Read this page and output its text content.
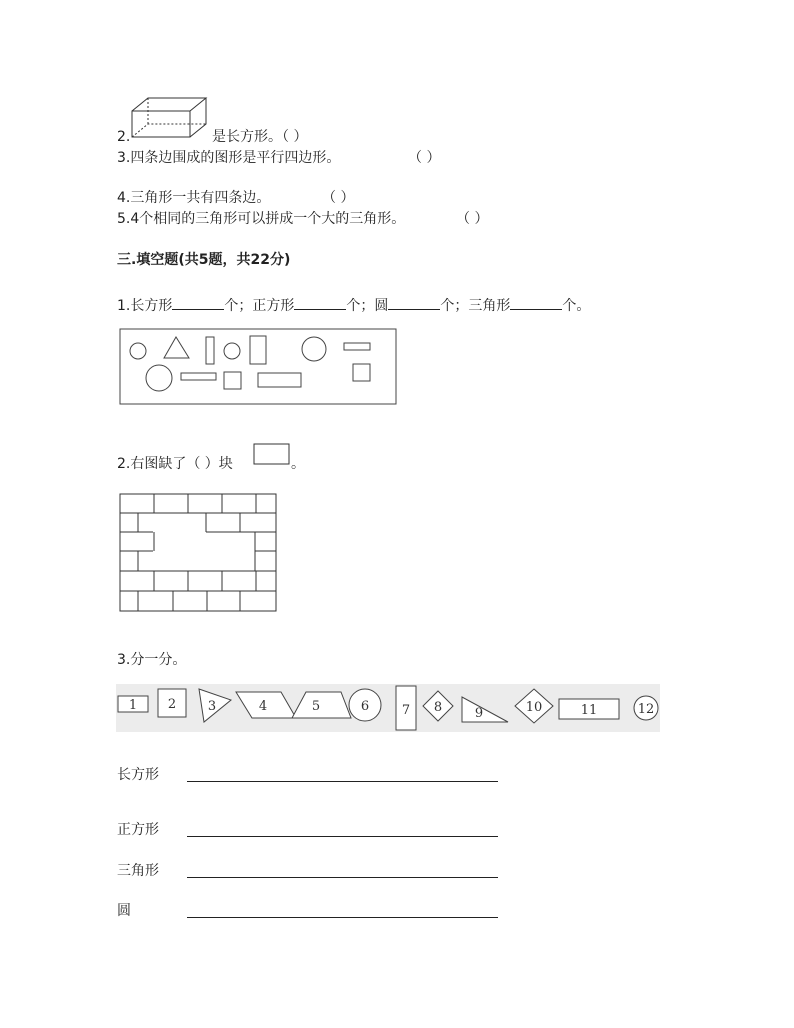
2.	是长方形。（ ）
3.四条边围成的图形是平行四边形。	（ ）
4.三角形一共有四条边。	（ ）
5.4个相同的三角形可以拼成一个大的三角形。	（ ）
三.填空题(共5题，共22分)
1.长方形	个；正方形	个；圆	个；三角形	个。
2.右图缺了（ ）块	。
3.分一分。
1 2 3	4	5	6	7 8	9	10	11	12
长方形
正方形
三角形
圆
